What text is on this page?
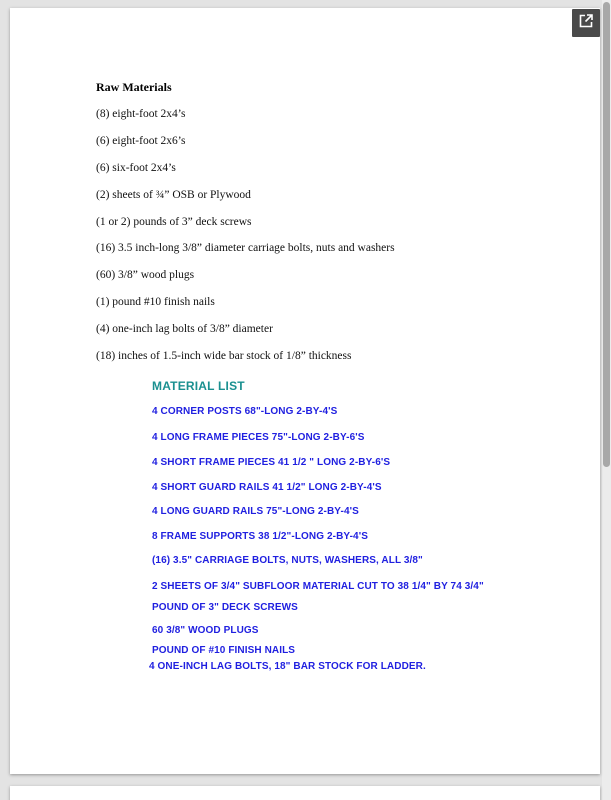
Raw Materials
(8) eight-foot 2x4’s
(6) eight-foot 2x6’s
(6) six-foot 2x4’s
(2) sheets of ¾” OSB or Plywood
(1 or 2) pounds of 3” deck screws
(16) 3.5 inch-long 3/8” diameter carriage bolts, nuts and washers
(60) 3/8” wood plugs
(1) pound #10 finish nails
(4) one-inch lag bolts of 3/8” diameter
(18) inches of 1.5-inch wide bar stock of 1/8” thickness
MATERIAL LIST
4 CORNER POSTS 68"-LONG 2-BY-4'S
4 LONG FRAME PIECES 75"-LONG 2-BY-6'S
4 SHORT FRAME PIECES 41 1/2 " LONG 2-BY-6'S
4 SHORT GUARD RAILS 41 1/2" LONG 2-BY-4'S
4 LONG GUARD RAILS 75"-LONG 2-BY-4'S
8 FRAME SUPPORTS 38 1/2"-LONG 2-BY-4'S
(16) 3.5" CARRIAGE BOLTS, NUTS, WASHERS, ALL 3/8"
2 SHEETS OF 3/4" SUBFLOOR MATERIAL CUT TO 38 1/4" BY 74 3/4"
POUND OF 3" DECK SCREWS
60 3/8" WOOD PLUGS
POUND OF #10 FINISH NAILS
4 ONE-INCH LAG BOLTS, 18" BAR STOCK FOR LADDER.
